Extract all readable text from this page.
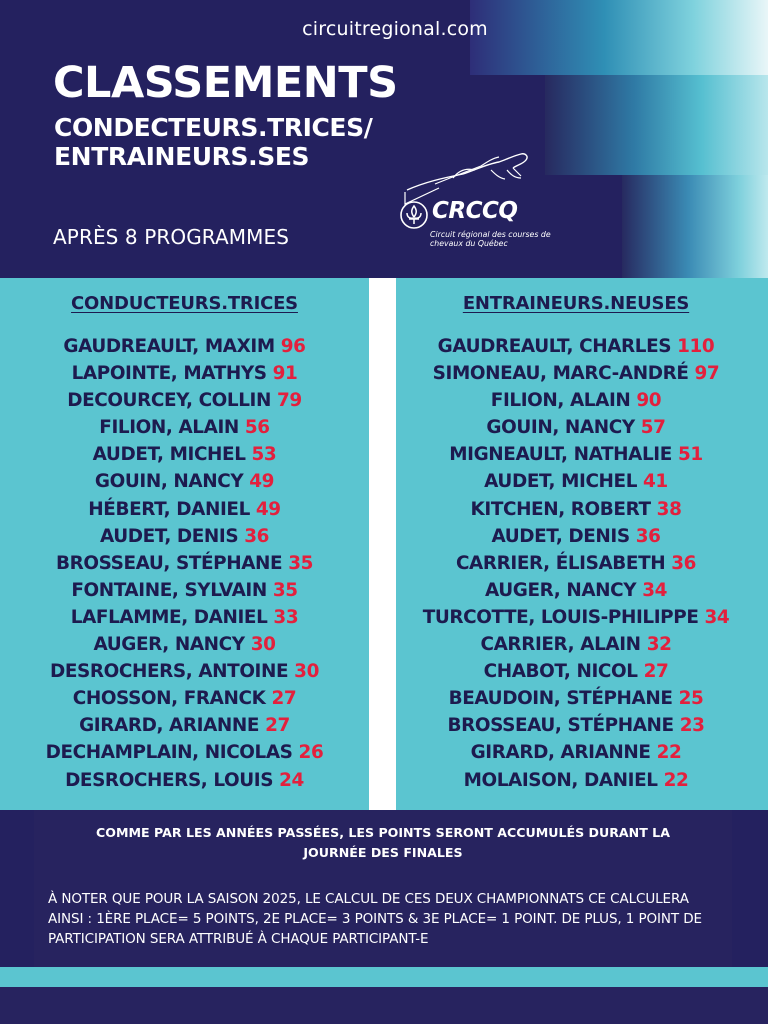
circuitregional.com
CLASSEMENTS
CONDECTEURS.TRICES/
ENTRAINEURS.SES
APRÈS 8 PROGRAMMES
CRCCQ
Circuit régional des courses de chevaux du Québec
CONDUCTEURS.TRICES	ENTRAINEURS.NEUSES
GAUDREAULT, MAXIM 96
LAPOINTE, MATHYS 91
DECOURCEY, COLLIN 79
FILION, ALAIN 56
AUDET, MICHEL 53
GOUIN, NANCY 49
HÉBERT, DANIEL 49
AUDET, DENIS 36
BROSSEAU, STÉPHANE 35
FONTAINE, SYLVAIN 35
LAFLAMME, DANIEL 33
AUGER, NANCY 30
DESROCHERS, ANTOINE 30
CHOSSON, FRANCK 27
GIRARD, ARIANNE 27
DECHAMPLAIN, NICOLAS 26
DESROCHERS, LOUIS 24
GAUDREAULT, CHARLES 110
SIMONEAU, MARC-ANDRÉ 97
FILION, ALAIN 90
GOUIN, NANCY 57
MIGNEAULT, NATHALIE 51
AUDET, MICHEL 41
KITCHEN, ROBERT 38
AUDET, DENIS 36
CARRIER, ÉLISABETH 36
AUGER, NANCY 34
TURCOTTE, LOUIS-PHILIPPE 34
CARRIER, ALAIN 32
CHABOT, NICOL 27
BEAUDOIN, STÉPHANE 25
BROSSEAU, STÉPHANE 23
GIRARD, ARIANNE 22
MOLAISON, DANIEL 22
COMME PAR LES ANNÉES PASSÉES, LES POINTS SERONT ACCUMULÉS DURANT LA JOURNÉE DES FINALES
À NOTER QUE POUR LA SAISON 2025, LE CALCUL DE CES DEUX CHAMPIONNATS CE CALCULERA AINSI : 1ÈRE PLACE= 5 POINTS, 2E PLACE= 3 POINTS & 3E PLACE= 1 POINT. DE PLUS, 1 POINT DE PARTICIPATION SERA ATTRIBUÉ À CHAQUE PARTICIPANT-E
